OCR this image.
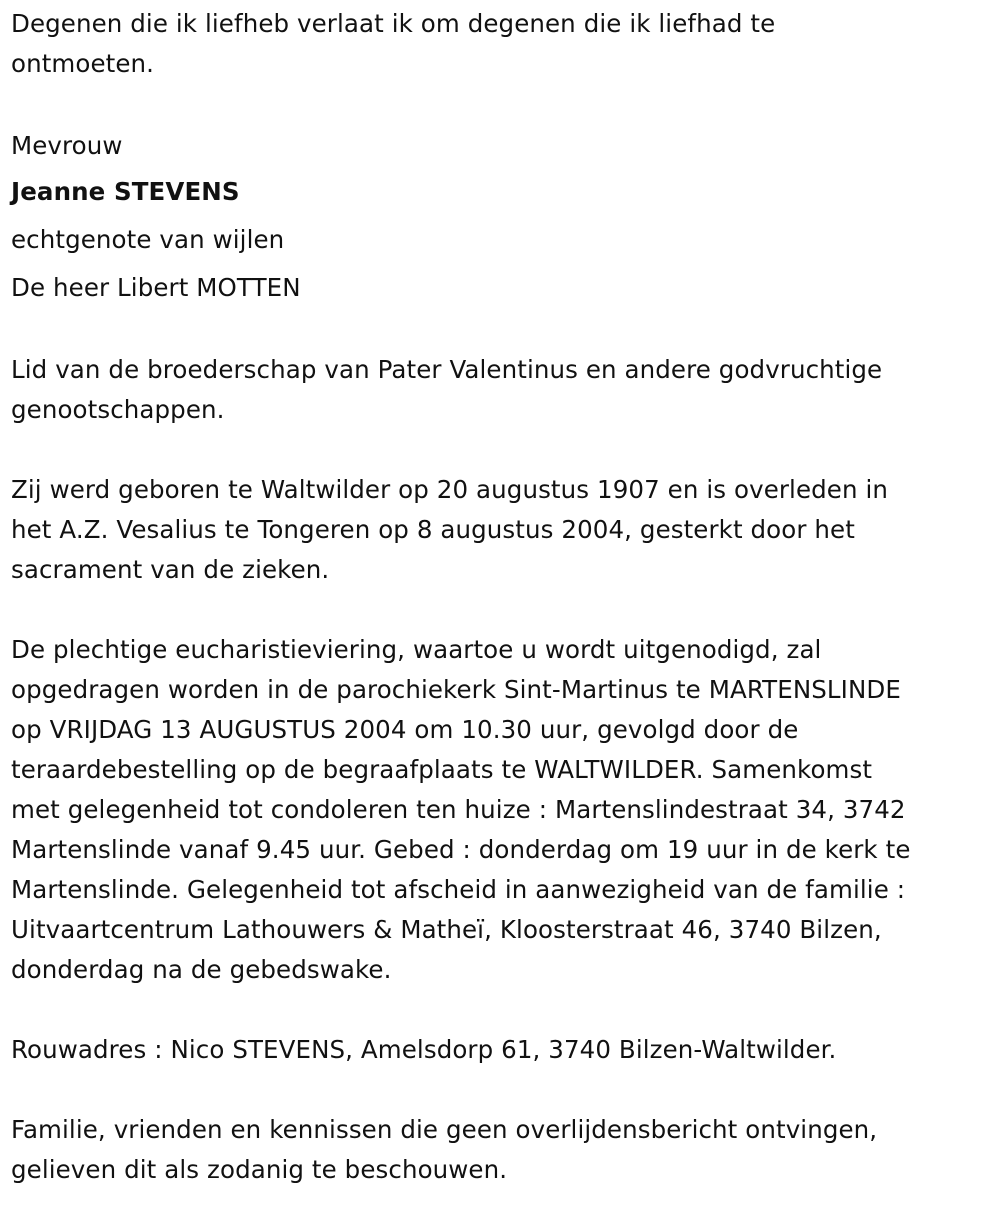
Degenen die ik liefheb verlaat ik om degenen die ik liefhad te
ontmoeten.

Mevrouw

Jeanne STEVENS

echtgenote van wijlen

De heer Libert MOTTEN

Lid van de broederschap van Pater Valentinus en andere godvruchtige
genootschappen.

Zij werd geboren te Waltwilder op 20 augustus 1907 en is overleden in
het A.Z. Vesalius te Tongeren op 8 augustus 2004, gesterkt door het
sacrament van de zieken.

De plechtige eucharistieviering, waartoe u wordt uitgenodigd, zal
opgedragen worden in de parochiekerk Sint-Martinus te MARTENSLINDE
op VRIJDAG 13 AUGUSTUS 2004 om 10.30 uur, gevolgd door de
teraardebestelling op de begraafplaats te WALTWILDER. Samenkomst
met gelegenheid tot condoleren ten huize : Martenslindestraat 34, 3742
Martenslinde vanaf 9.45 uur. Gebed : donderdag om 19 uur in de kerk te
Martenslinde. Gelegenheid tot afscheid in aanwezigheid van de familie :
Uitvaartcentrum Lathouwers & Matheï, Kloosterstraat 46, 3740 Bilzen,
donderdag na de gebedswake.

Rouwadres : Nico STEVENS, Amelsdorp 61, 3740 Bilzen-Waltwilder.

Familie, vrienden en kennissen die geen overlijdensbericht ontvingen,
gelieven dit als zodanig te beschouwen.
